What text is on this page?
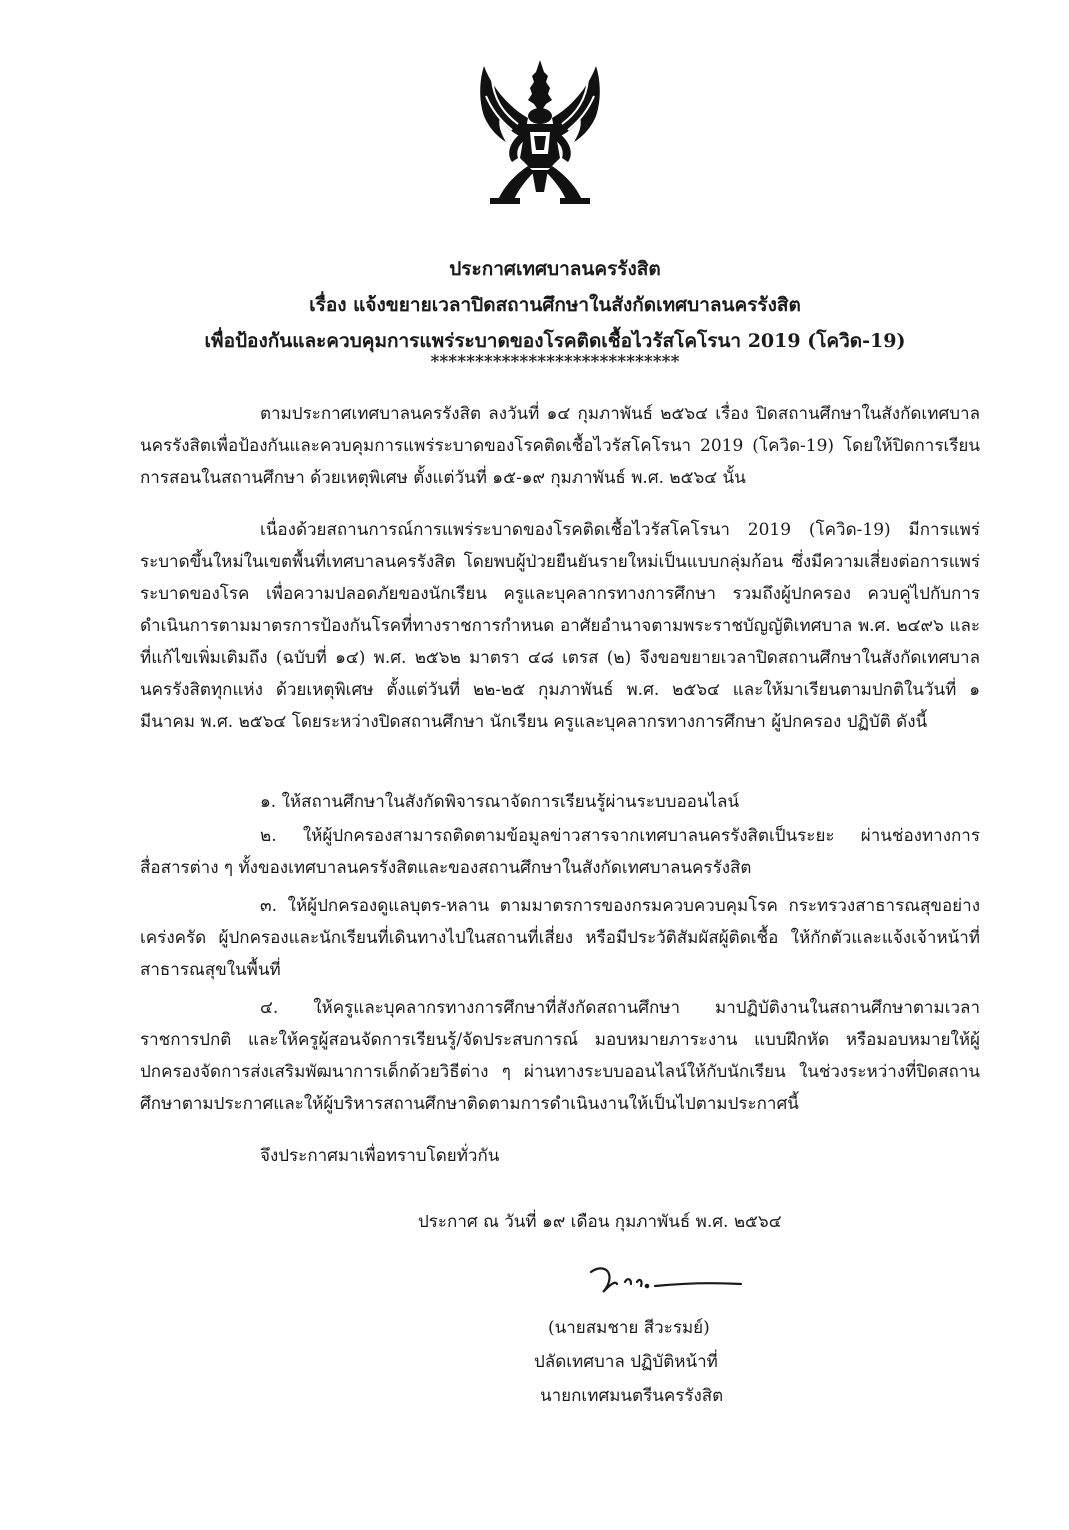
ประกาศเทศบาลนครรังสิต
เรื่อง แจ้งขยายเวลาปิดสถานศึกษาในสังกัดเทศบาลนครรังสิต
เพื่อป้องกันและควบคุมการแพร่ระบาดของโรคติดเชื้อไวรัสโคโรนา 2019 (โควิด-19)
****************************

ตามประกาศเทศบาลนครรังสิต ลงวันที่ ๑๔ กุมภาพันธ์ ๒๕๖๔ เรื่อง ปิดสถานศึกษาในสังกัดเทศบาลนครรังสิตเพื่อป้องกันและควบคุมการแพร่ระบาดของโรคติดเชื้อไวรัสโคโรนา 2019 (โควิด-19) โดยให้ปิดการเรียนการสอนในสถานศึกษา ด้วยเหตุพิเศษ ตั้งแต่วันที่ ๑๕-๑๙ กุมภาพันธ์ พ.ศ. ๒๕๖๔ นั้น

เนื่องด้วยสถานการณ์การแพร่ระบาดของโรคติดเชื้อไวรัสโคโรนา 2019 (โควิด-19) มีการแพร่ระบาดขึ้นใหม่ในเขตพื้นที่เทศบาลนครรังสิต โดยพบผู้ป่วยยืนยันรายใหม่เป็นแบบกลุ่มก้อน ซึ่งมีความเสี่ยงต่อการแพร่ระบาดของโรค เพื่อความปลอดภัยของนักเรียน ครูและบุคลากรทางการศึกษา รวมถึงผู้ปกครอง ควบคู่ไปกับการดำเนินการตามมาตรการป้องกันโรคที่ทางราชการกำหนด อาศัยอำนาจตามพระราชบัญญัติเทศบาล พ.ศ. ๒๔๙๖ และที่แก้ไขเพิ่มเติมถึง (ฉบับที่ ๑๔) พ.ศ. ๒๕๖๒ มาตรา ๔๘ เตรส (๒) จึงขอขยายเวลาปิดสถานศึกษาในสังกัดเทศบาลนครรังสิตทุกแห่ง ด้วยเหตุพิเศษ ตั้งแต่วันที่ ๒๒-๒๕ กุมภาพันธ์ พ.ศ. ๒๕๖๔ และให้มาเรียนตามปกติในวันที่ ๑ มีนาคม พ.ศ. ๒๕๖๔ โดยระหว่างปิดสถานศึกษา นักเรียน ครูและบุคลากรทางการศึกษา ผู้ปกครอง ปฏิบัติ ดังนี้

๑. ให้สถานศึกษาในสังกัดพิจารณาจัดการเรียนรู้ผ่านระบบออนไลน์
๒. ให้ผู้ปกครองสามารถติดตามข้อมูลข่าวสารจากเทศบาลนครรังสิตเป็นระยะ ผ่านช่องทางการสื่อสารต่าง ๆ ทั้งของเทศบาลนครรังสิตและของสถานศึกษาในสังกัดเทศบาลนครรังสิต
๓. ให้ผู้ปกครองดูแลบุตร-หลาน ตามมาตรการของกรมควบควบคุมโรค กระทรวงสาธารณสุขอย่างเคร่งครัด ผู้ปกครองและนักเรียนที่เดินทางไปในสถานที่เสี่ยง หรือมีประวัติสัมผัสผู้ติดเชื้อ ให้กักตัวและแจ้งเจ้าหน้าที่สาธารณสุขในพื้นที่
๔. ให้ครูและบุคลากรทางการศึกษาที่สังกัดสถานศึกษา มาปฏิบัติงานในสถานศึกษาตามเวลาราชการปกติ และให้ครูผู้สอนจัดการเรียนรู้/จัดประสบการณ์ มอบหมายภาระงาน แบบฝึกหัด หรือมอบหมายให้ผู้ปกครองจัดการส่งเสริมพัฒนาการเด็กด้วยวิธีต่าง ๆ ผ่านทางระบบออนไลน์ให้กับนักเรียน ในช่วงระหว่างที่ปิดสถานศึกษาตามประกาศและให้ผู้บริหารสถานศึกษาติดตามการดำเนินงานให้เป็นไปตามประกาศนี้
จึงประกาศมาเพื่อทราบโดยทั่วกัน
ประกาศ ณ วันที่ ๑๙ เดือน กุมภาพันธ์ พ.ศ. ๒๕๖๔
(นายสมชาย สีวะรมย์)
ปลัดเทศบาล ปฏิบัติหน้าที่
นายกเทศมนตรีนครรังสิต
